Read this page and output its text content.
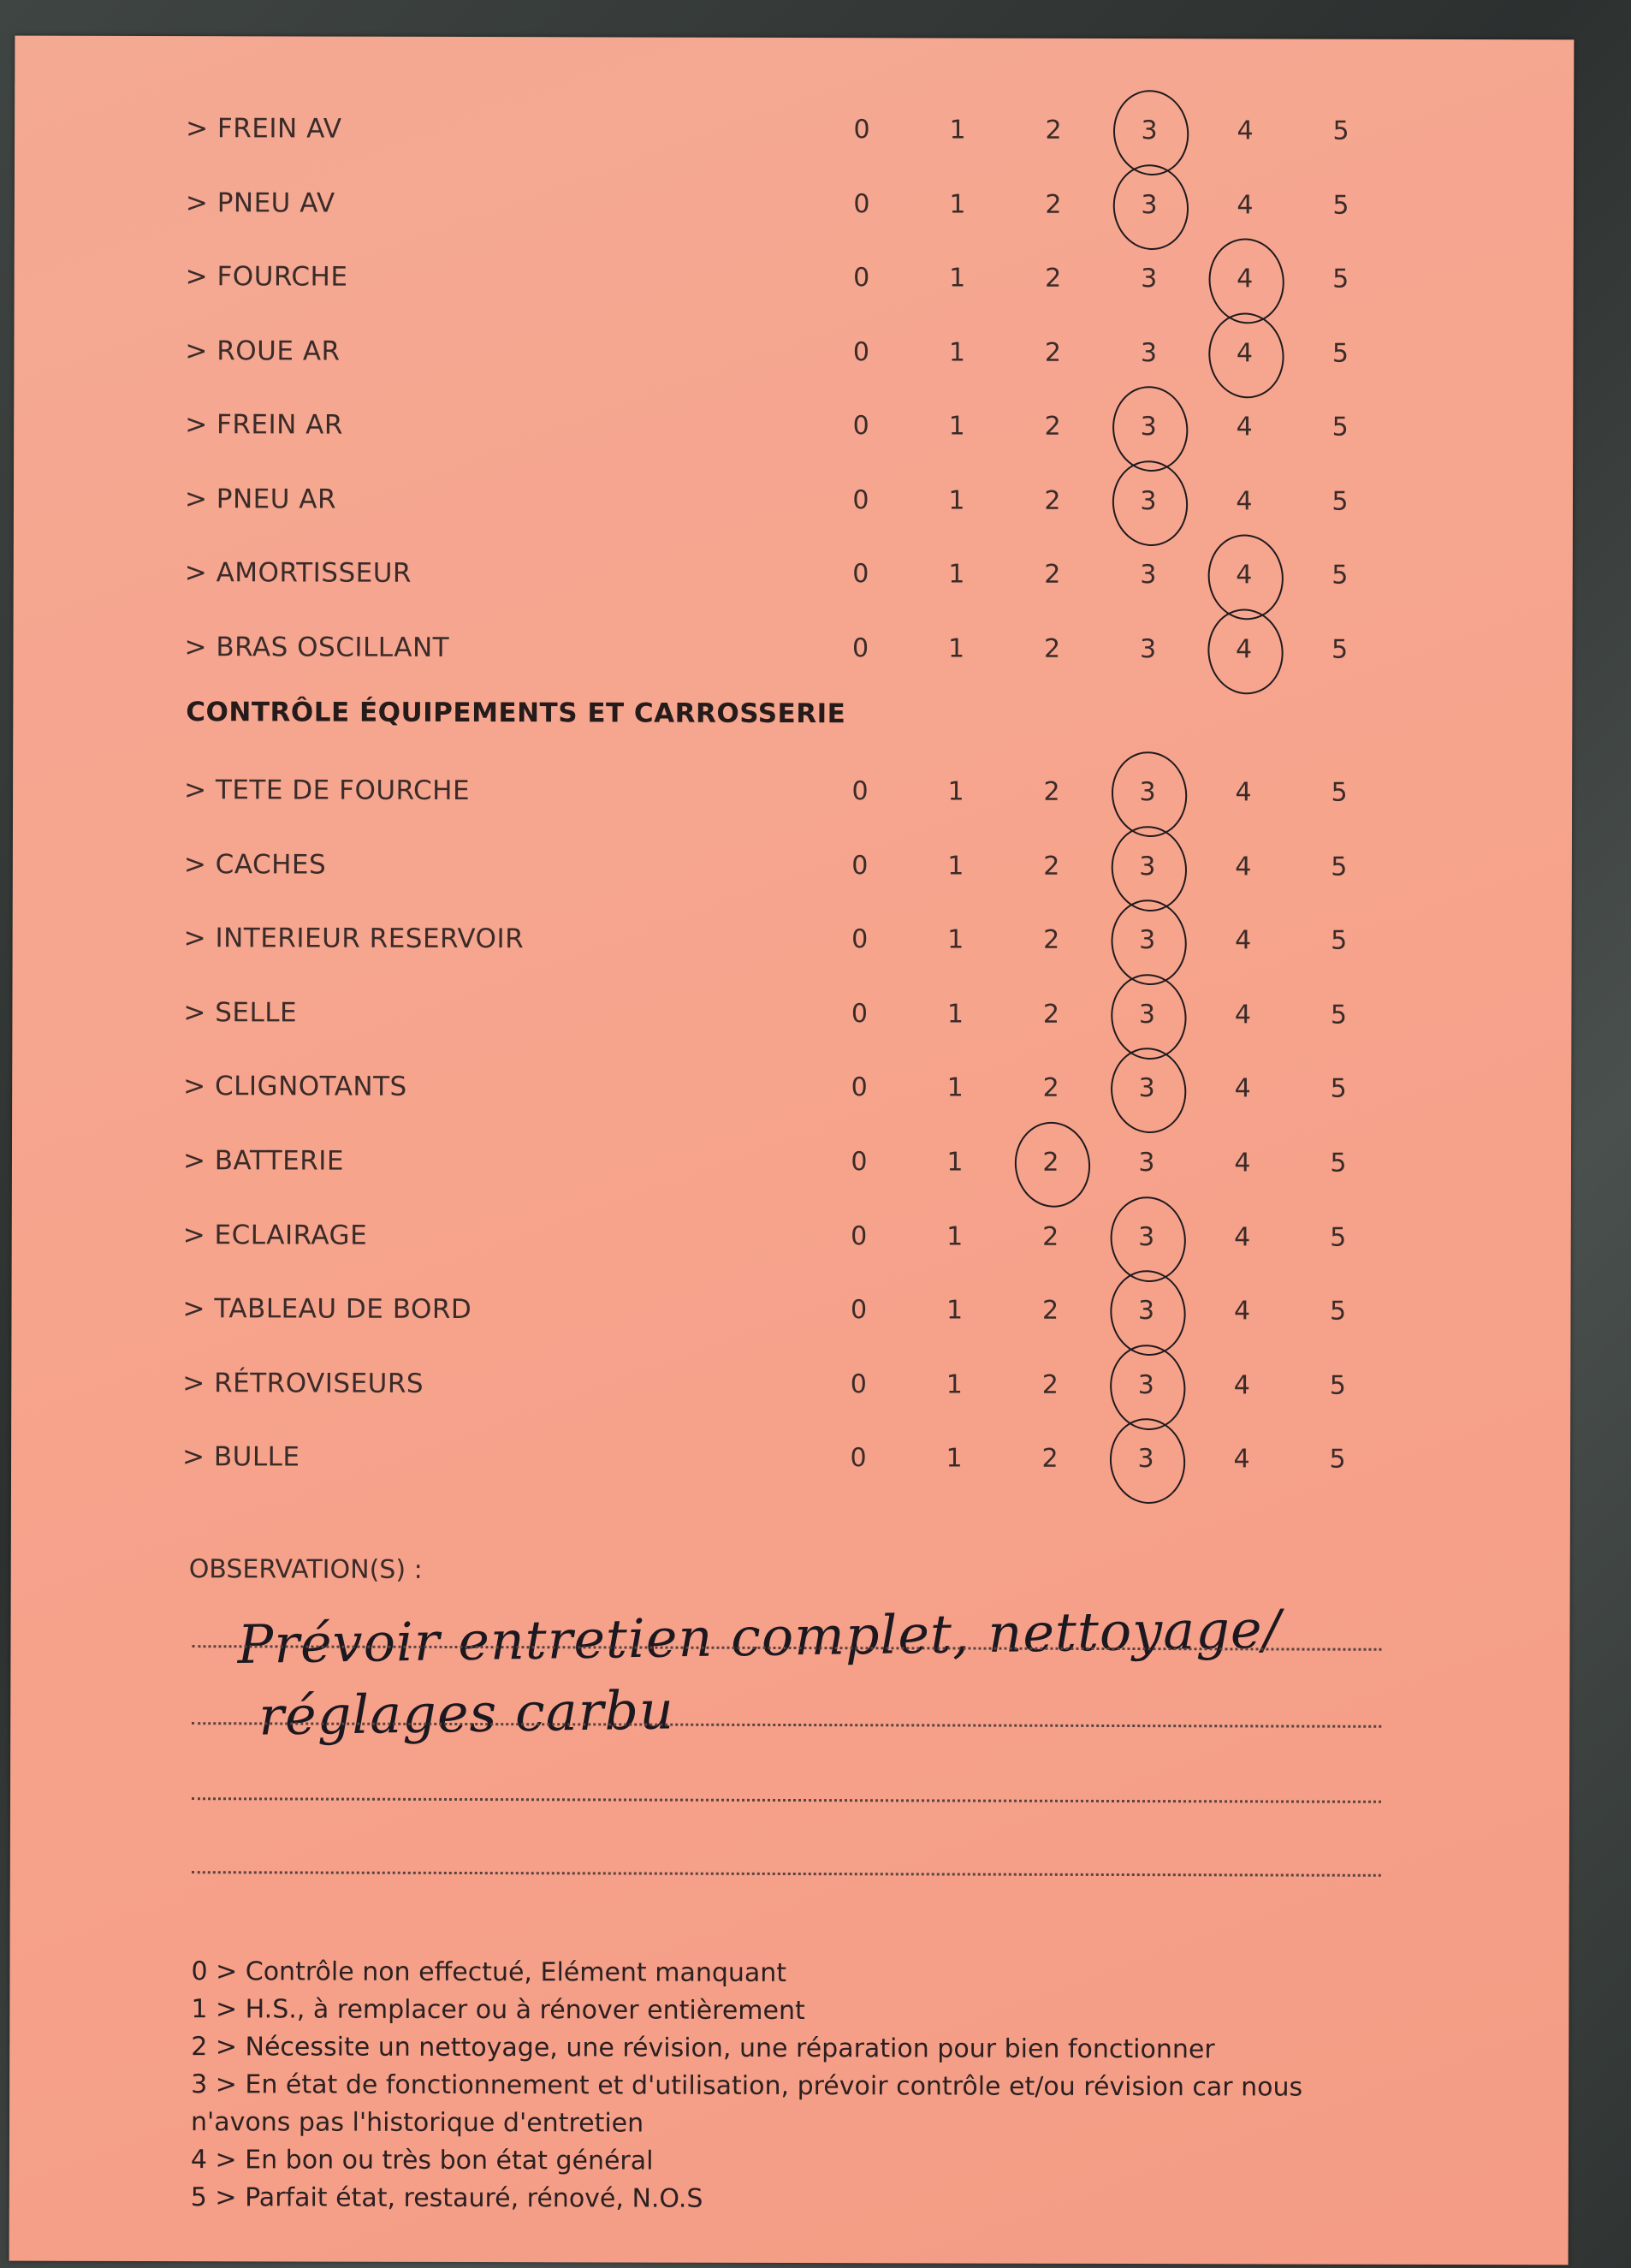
> FREIN AV	0	1	2	3	4	5
> PNEU AV	0	1	2	3	4	5
> FOURCHE	0	1	2	3	4	5
> ROUE AR	0	1	2	3	4	5
> FREIN AR	0	1	2	3	4	5
> PNEU AR	0	1	2	3	4	5
> AMORTISSEUR	0	1	2	3	4	5
> BRAS OSCILLANT	0	1	2	3	4	5
CONTRÔLE ÉQUIPEMENTS ET CARROSSERIE
> TETE DE FOURCHE	0	1	2	3	4	5
> CACHES	0	1	2	3	4	5
> INTERIEUR RESERVOIR	0	1	2	3	4	5
> SELLE	0	1	2	3	4	5
> CLIGNOTANTS	0	1	2	3	4	5
> BATTERIE	0	1	2	3	4	5
> ECLAIRAGE	0	1	2	3	4	5
> TABLEAU DE BORD	0	1	2	3	4	5
> RÉTROVISEURS	0	1	2	3	4	5
> BULLE	0	1	2	3	4	5
OBSERVATION(S) :
Prévoir entretien complet, nettoyage/
réglages carbu
0 > Contrôle non effectué, Elément manquant
1 > H.S., à remplacer ou à rénover entièrement
2 > Nécessite un nettoyage, une révision, une réparation pour bien fonctionner
3 > En état de fonctionnement et d'utilisation, prévoir contrôle et/ou révision car nous n'avons pas l'historique d'entretien
4 > En bon ou très bon état général
5 > Parfait état, restauré, rénové, N.O.S
